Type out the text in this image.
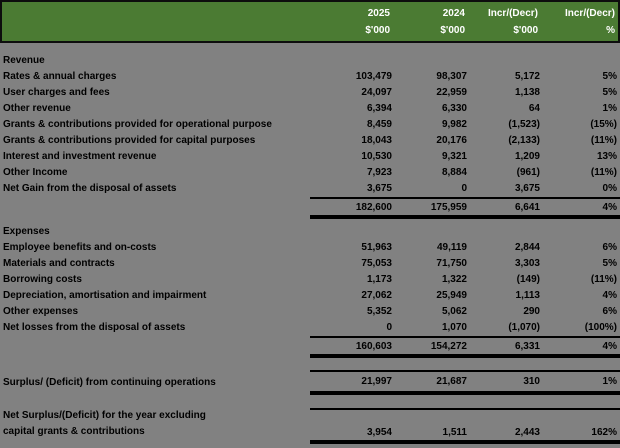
2025	2024	Incr/(Decr)	Incr/(Decr)
$'000	$'000	$'000	%
Revenue
Rates & annual charges	103,479	98,307	5,172	5%
User charges and fees	24,097	22,959	1,138	5%
Other revenue	6,394	6,330	64	1%
Grants & contributions provided for operational purpose	8,459	9,982	(1,523)	(15%)
Grants & contributions provided for capital purposes	18,043	20,176	(2,133)	(11%)
Interest and investment revenue	10,530	9,321	1,209	13%
Other Income	7,923	8,884	(961)	(11%)
Net Gain from the disposal of assets	3,675	0	3,675	0%
182,600	175,959	6,641	4%
Expenses
Employee benefits and on-costs	51,963	49,119	2,844	6%
Materials and contracts	75,053	71,750	3,303	5%
Borrowing costs	1,173	1,322	(149)	(11%)
Depreciation, amortisation and impairment	27,062	25,949	1,113	4%
Other expenses	5,352	5,062	290	6%
Net losses from the disposal of assets	0	1,070	(1,070)	(100%)
160,603	154,272	6,331	4%
Surplus/ (Deficit) from continuing operations	21,997	21,687	310	1%
Net Surplus/(Deficit) for the year excluding
capital grants & contributions	3,954	1,511	2,443	162%
